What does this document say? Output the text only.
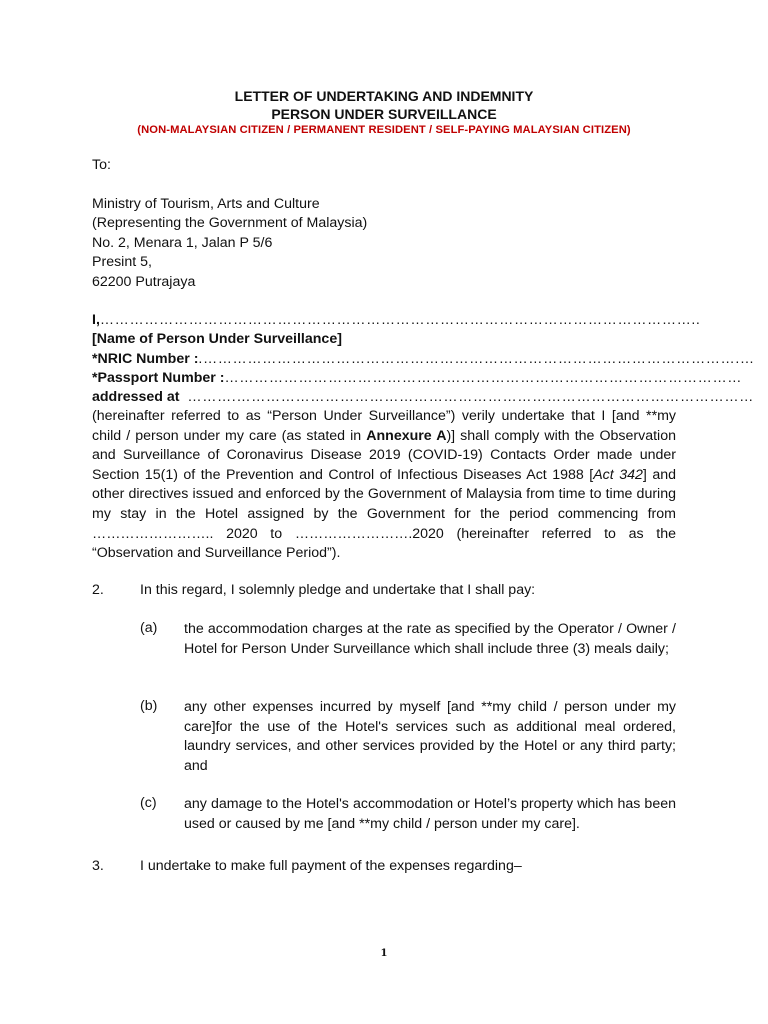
LETTER OF UNDERTAKING AND INDEMNITY
PERSON UNDER SURVEILLANCE
(NON-MALAYSIAN CITIZEN / PERMANENT RESIDENT / SELF-PAYING MALAYSIAN CITIZEN)
To:
Ministry of Tourism, Arts and Culture
(Representing the Government of Malaysia)
No. 2, Menara 1, Jalan P 5/6
Presint 5,
62200 Putrajaya
I,…………………………………………………………………………………………………………..
[Name of Person Under Surveillance]
*NRIC Number :.……………………………………………………………………………………………….…
*Passport Number :……………………………………………………………………………………………
addressed at ……….……………………………………………………………………………………………
(hereinafter referred to as “Person Under Surveillance”) verily undertake that I [and **my child / person under my care (as stated in Annexure A)] shall comply with the Observation and Surveillance of Coronavirus Disease 2019 (COVID-19) Contacts Order made under Section 15(1) of the Prevention and Control of Infectious Diseases Act 1988 [Act 342] and other directives issued and enforced by the Government of Malaysia from time to time during my stay in the Hotel assigned by the Government for the period commencing from …………………….. 2020 to …………………….2020 (hereinafter referred to as the “Observation and Surveillance Period”).
2.	In this regard, I solemnly pledge and undertake that I shall pay:
(a) the accommodation charges at the rate as specified by the Operator / Owner / Hotel for Person Under Surveillance which shall include three (3) meals daily;
(b) any other expenses incurred by myself [and **my child / person under my care]for the use of the Hotel's services such as additional meal ordered, laundry services, and other services provided by the Hotel or any third party; and
(c) any damage to the Hotel's accommodation or Hotel’s property which has been used or caused by me [and **my child / person under my care].
3.	I undertake to make full payment of the expenses regarding–
1
